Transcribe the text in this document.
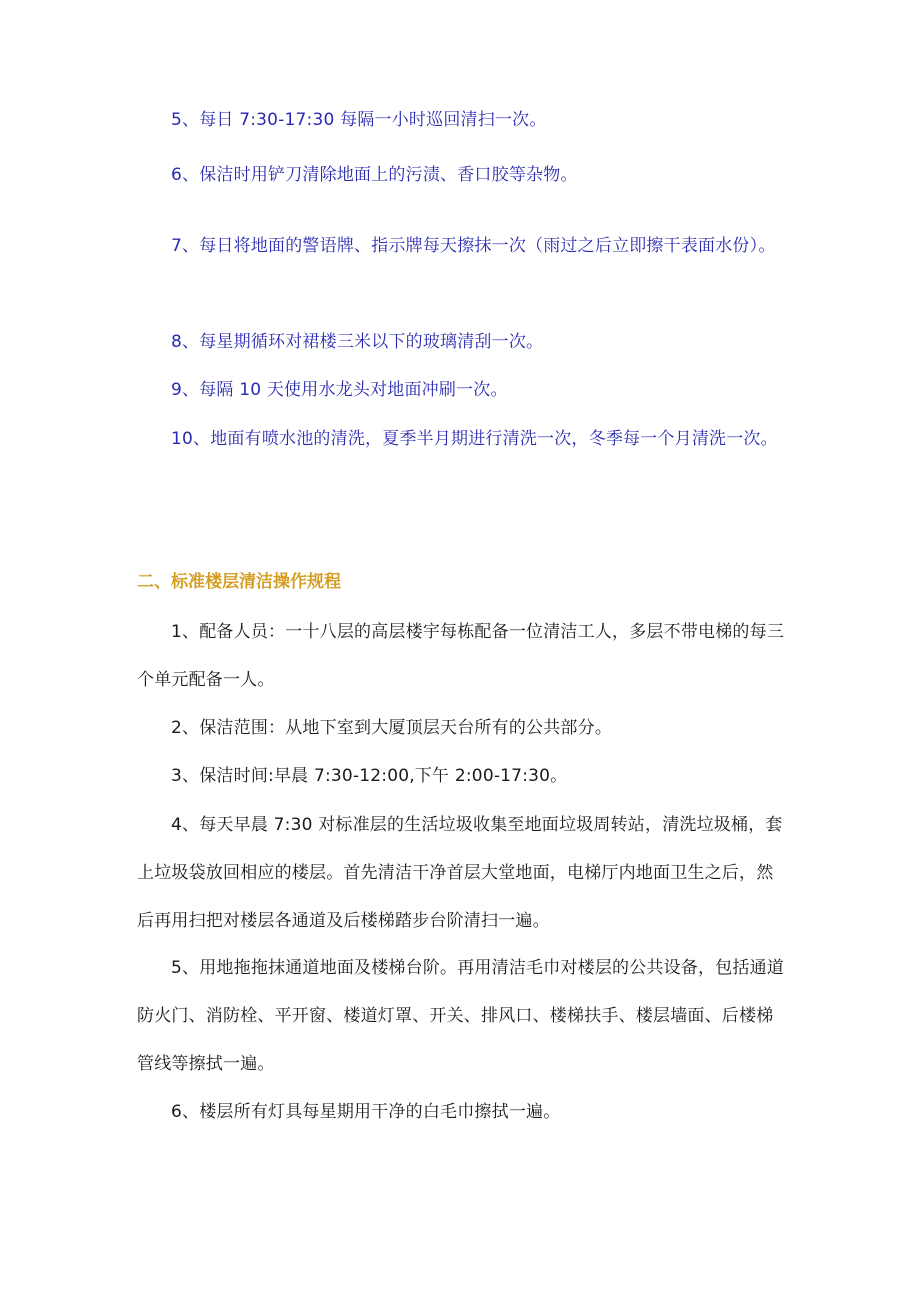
5、每日 7:30-17:30 每隔一小时巡回清扫一次。

6、保洁时用铲刀清除地面上的污渍、香口胶等杂物。

7、每日将地面的警语牌、指示牌每天擦抹一次（雨过之后立即擦干表面水份）。

8、每星期循环对裙楼三米以下的玻璃清刮一次。

9、每隔 10 天使用水龙头对地面冲刷一次。

10、地面有喷水池的清洗，夏季半月期进行清洗一次，冬季每一个月清洗一次。

二、标准楼层清洁操作规程

1、配备人员：一十八层的高层楼宇每栋配备一位清洁工人，多层不带电梯的每三个单元配备一人。

2、保洁范围：从地下室到大厦顶层天台所有的公共部分。

3、保洁时间:早晨 7:30-12:00,下午 2:00-17:30。

4、每天早晨 7:30 对标准层的生活垃圾收集至地面垃圾周转站，清洗垃圾桶，套上垃圾袋放回相应的楼层。首先清洁干净首层大堂地面，电梯厅内地面卫生之后，然后再用扫把对楼层各通道及后楼梯踏步台阶清扫一遍。

5、用地拖拖抹通道地面及楼梯台阶。再用清洁毛巾对楼层的公共设备，包括通道防火门、消防栓、平开窗、楼道灯罩、开关、排风口、楼梯扶手、楼层墙面、后楼梯管线等擦拭一遍。

6、楼层所有灯具每星期用干净的白毛巾擦拭一遍。
